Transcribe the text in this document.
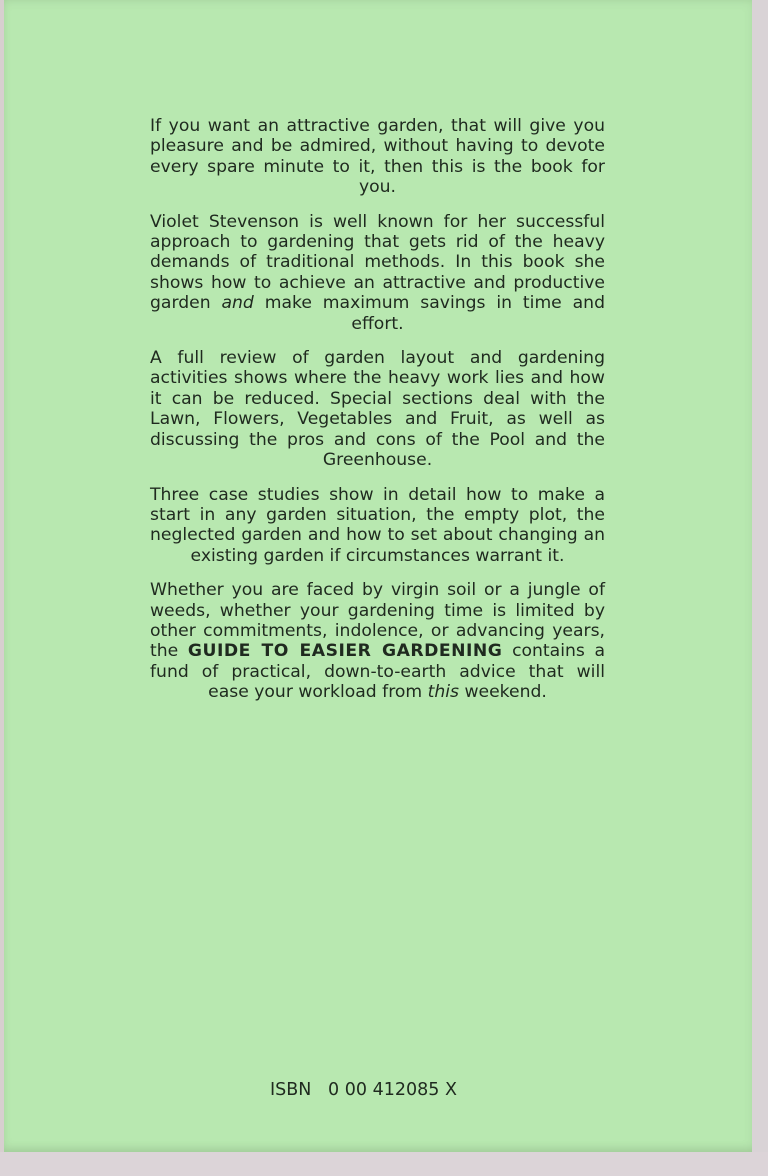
If you want an attractive garden, that will give you pleasure and be admired, without having to devote every spare minute to it, then this is the book for you.

Violet Stevenson is well known for her successful approach to gardening that gets rid of the heavy demands of traditional methods. In this book she shows how to achieve an attractive and productive garden and make maximum savings in time and effort.

A full review of garden layout and gardening activities shows where the heavy work lies and how it can be reduced. Special sections deal with the Lawn, Flowers, Vegetables and Fruit, as well as discussing the pros and cons of the Pool and the Greenhouse.

Three case studies show in detail how to make a start in any garden situation, the empty plot, the neglected garden and how to set about changing an existing garden if circumstances warrant it.

Whether you are faced by virgin soil or a jungle of weeds, whether your gardening time is limited by other commitments, indolence, or advancing years, the GUIDE TO EASIER GARDENING contains a fund of practical, down-to-earth advice that will ease your workload from this weekend.

ISBN   0 00 412085 X
